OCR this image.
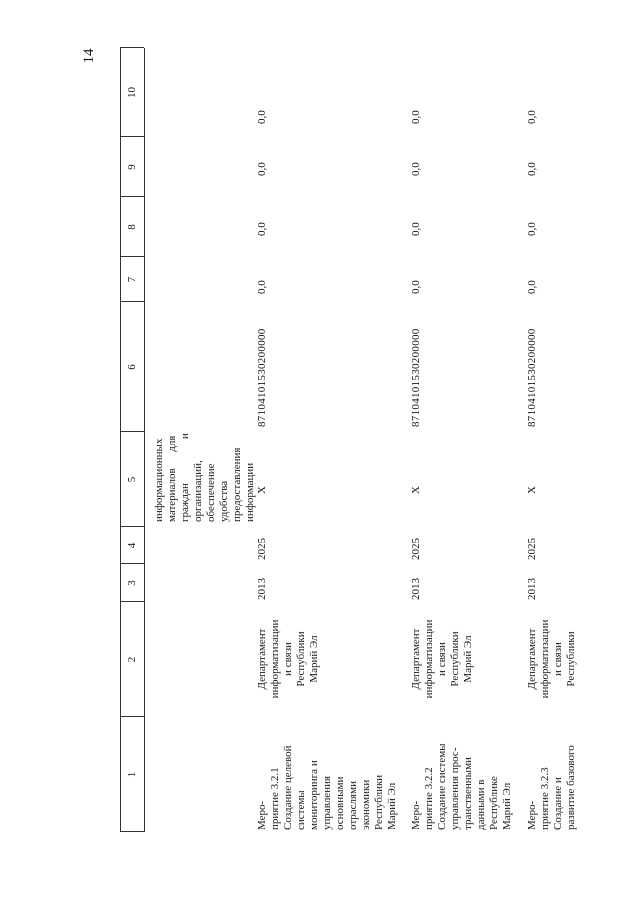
14
1
2
3
4
5
6
7
8
9
10
информационных материалов      для граждан                и организаций, обеспечение удобства предоставления информации
Меро- приятие 3.2.1 Создание целевой системы мониторинга и управления основными отраслями экономики Республики Марий Эл
Департамент информатизации и связи Республики Марий Эл
2013
2025
X
87104101530200000
0,0
0,0
0,0
0,0
Меро- приятие 3.2.2 Создание системы управления прос- транственными данными в Республике Марий Эл
Департамент информатизации и связи Республики Марий Эл
2013
2025
X
87104101530200000
0,0
0,0
0,0
0,0
Меро- приятие 3.2.3 Создание и развитие базового
Департамент информатизации и связи Республики
2013
2025
X
87104101530200000
0,0
0,0
0,0
0,0
